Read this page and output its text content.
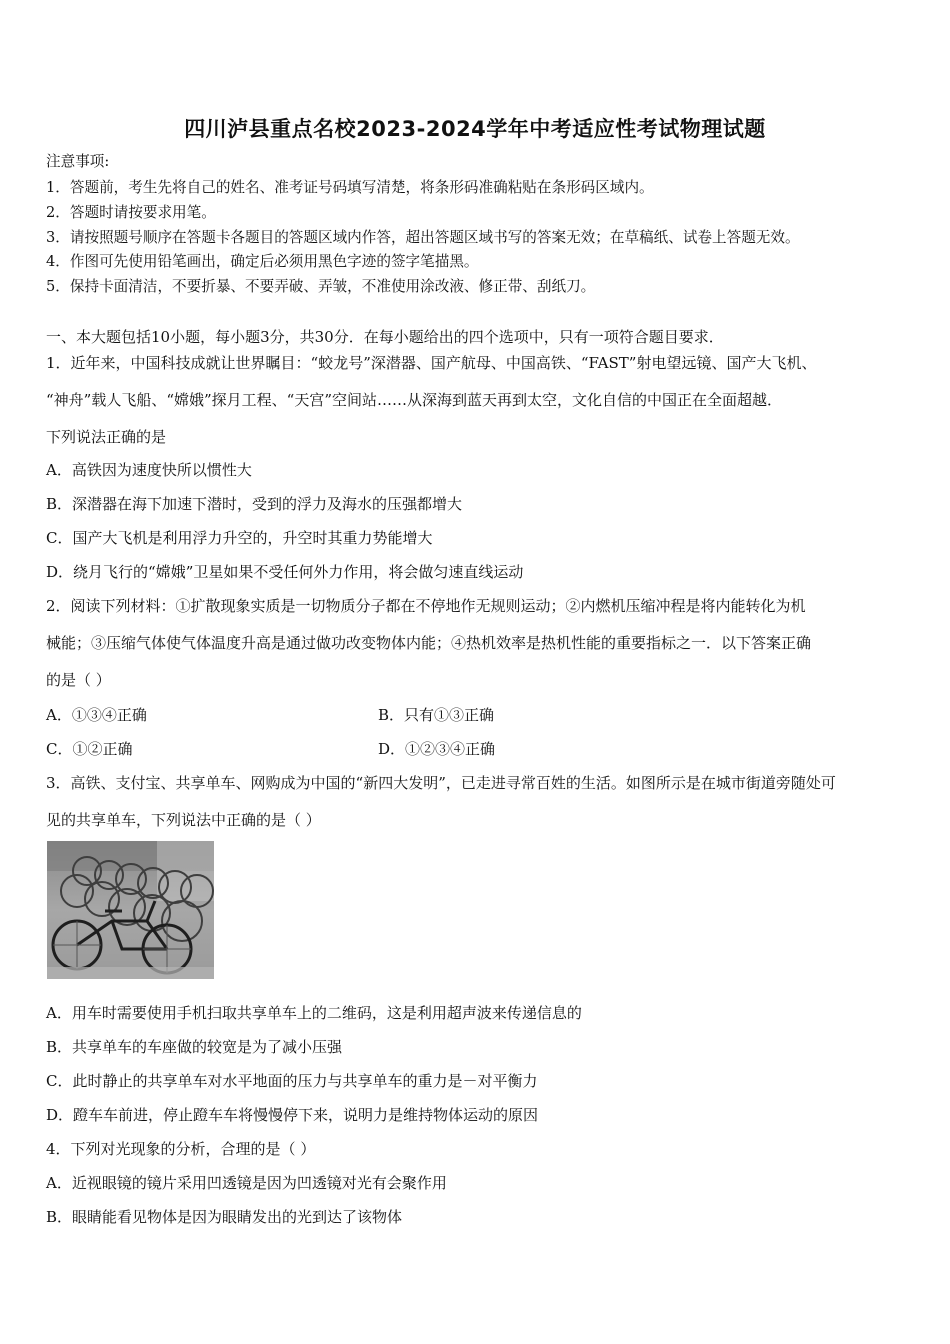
四川泸县重点名校2023-2024学年中考适应性考试物理试题
注意事项:
1．答题前，考生先将自己的姓名、准考证号码填写清楚，将条形码准确粘贴在条形码区域内。
2．答题时请按要求用笔。
3．请按照题号顺序在答题卡各题目的答题区域内作答，超出答题区域书写的答案无效；在草稿纸、试卷上答题无效。
4．作图可先使用铅笔画出，确定后必须用黑色字迹的签字笔描黑。
5．保持卡面清洁，不要折暴、不要弄破、弄皱，不准使用涂改液、修正带、刮纸刀。
一、本大题包括10小题，每小题3分，共30分．在每小题给出的四个选项中，只有一项符合题目要求．
1．近年来，中国科技成就让世界瞩目：“蛟龙号”深潜器、国产航母、中国高铁、“FAST”射电望远镜、国产大飞机、
“神舟”载人飞船、“嫦娥”探月工程、“天宫”空间站……从深海到蓝天再到太空，文化自信的中国正在全面超越．
下列说法正确的是
A．高铁因为速度快所以惯性大
B．深潜器在海下加速下潜时，受到的浮力及海水的压强都增大
C．国产大飞机是利用浮力升空的，升空时其重力势能增大
D．绕月飞行的“嫦娥”卫星如果不受任何外力作用，将会做匀速直线运动
2．阅读下列材料：①扩散现象实质是一切物质分子都在不停地作无规则运动；②内燃机压缩冲程是将内能转化为机
械能；③压缩气体使气体温度升高是通过做功改变物体内能；④热机效率是热机性能的重要指标之一．以下答案正确
的是（ ）
A．①③④正确	B．只有①③正确
C．①②正确	D．①②③④正确
3．高铁、支付宝、共享单车、网购成为中国的“新四大发明”，已走进寻常百姓的生活。如图所示是在城市街道旁随处可
见的共享单车，下列说法中正确的是（ ）
A．用车时需要使用手机扫取共享单车上的二维码，这是利用超声波来传递信息的
B．共享单车的车座做的较宽是为了减小压强
C．此时静止的共享单车对水平地面的压力与共享单车的重力是－对平衡力
D．蹬车车前进，停止蹬车车将慢慢停下来，说明力是维持物体运动的原因
4．下列对光现象的分析，合理的是（ ）
A．近视眼镜的镜片采用凹透镜是因为凹透镜对光有会聚作用
B．眼睛能看见物体是因为眼睛发出的光到达了该物体
